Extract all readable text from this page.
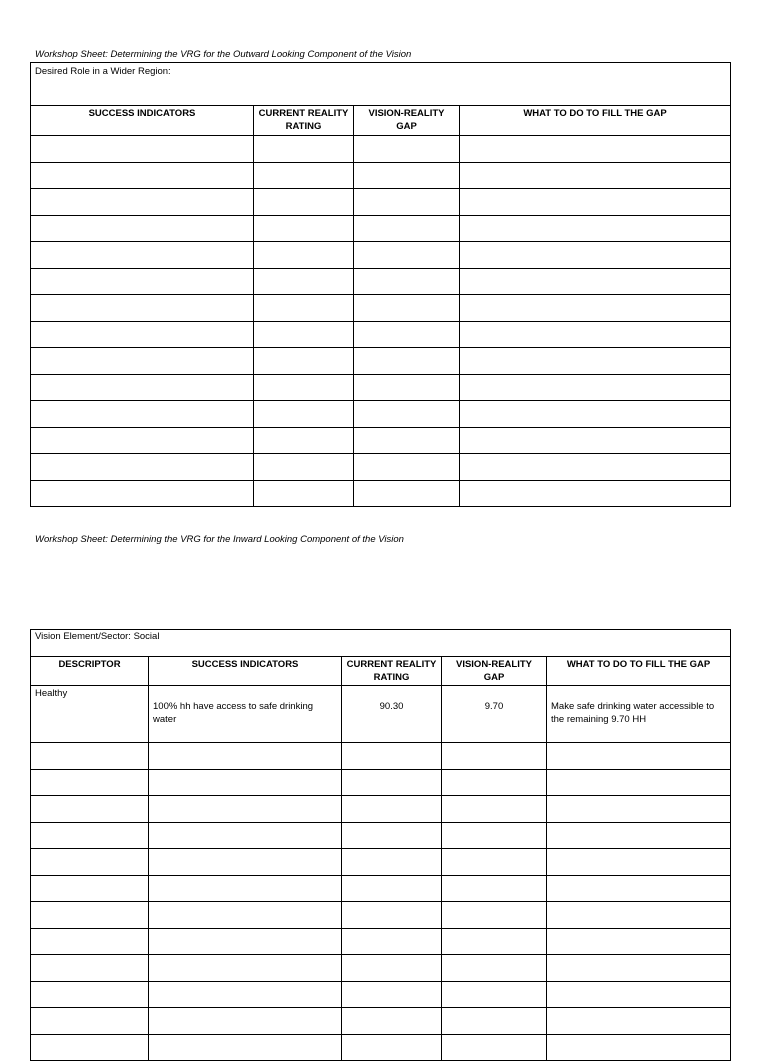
Workshop Sheet: Determining the VRG for the Outward Looking Component of the Vision
Desired Role in a Wider Region:			
SUCCESS INDICATORS	CURRENT REALITY RATING	VISION-REALITY GAP	WHAT TO DO TO FILL THE GAP

Workshop Sheet: Determining the VRG for the Inward Looking Component of the Vision
Vision Element/Sector: Social				
DESCRIPTOR	SUCCESS INDICATORS	CURRENT REALITY RATING	VISION-REALITY GAP	WHAT TO DO TO FILL THE GAP
Healthy	100% hh have access to safe drinking water	90.30	9.70	Make safe drinking water accessible to the remaining 9.70 HH
